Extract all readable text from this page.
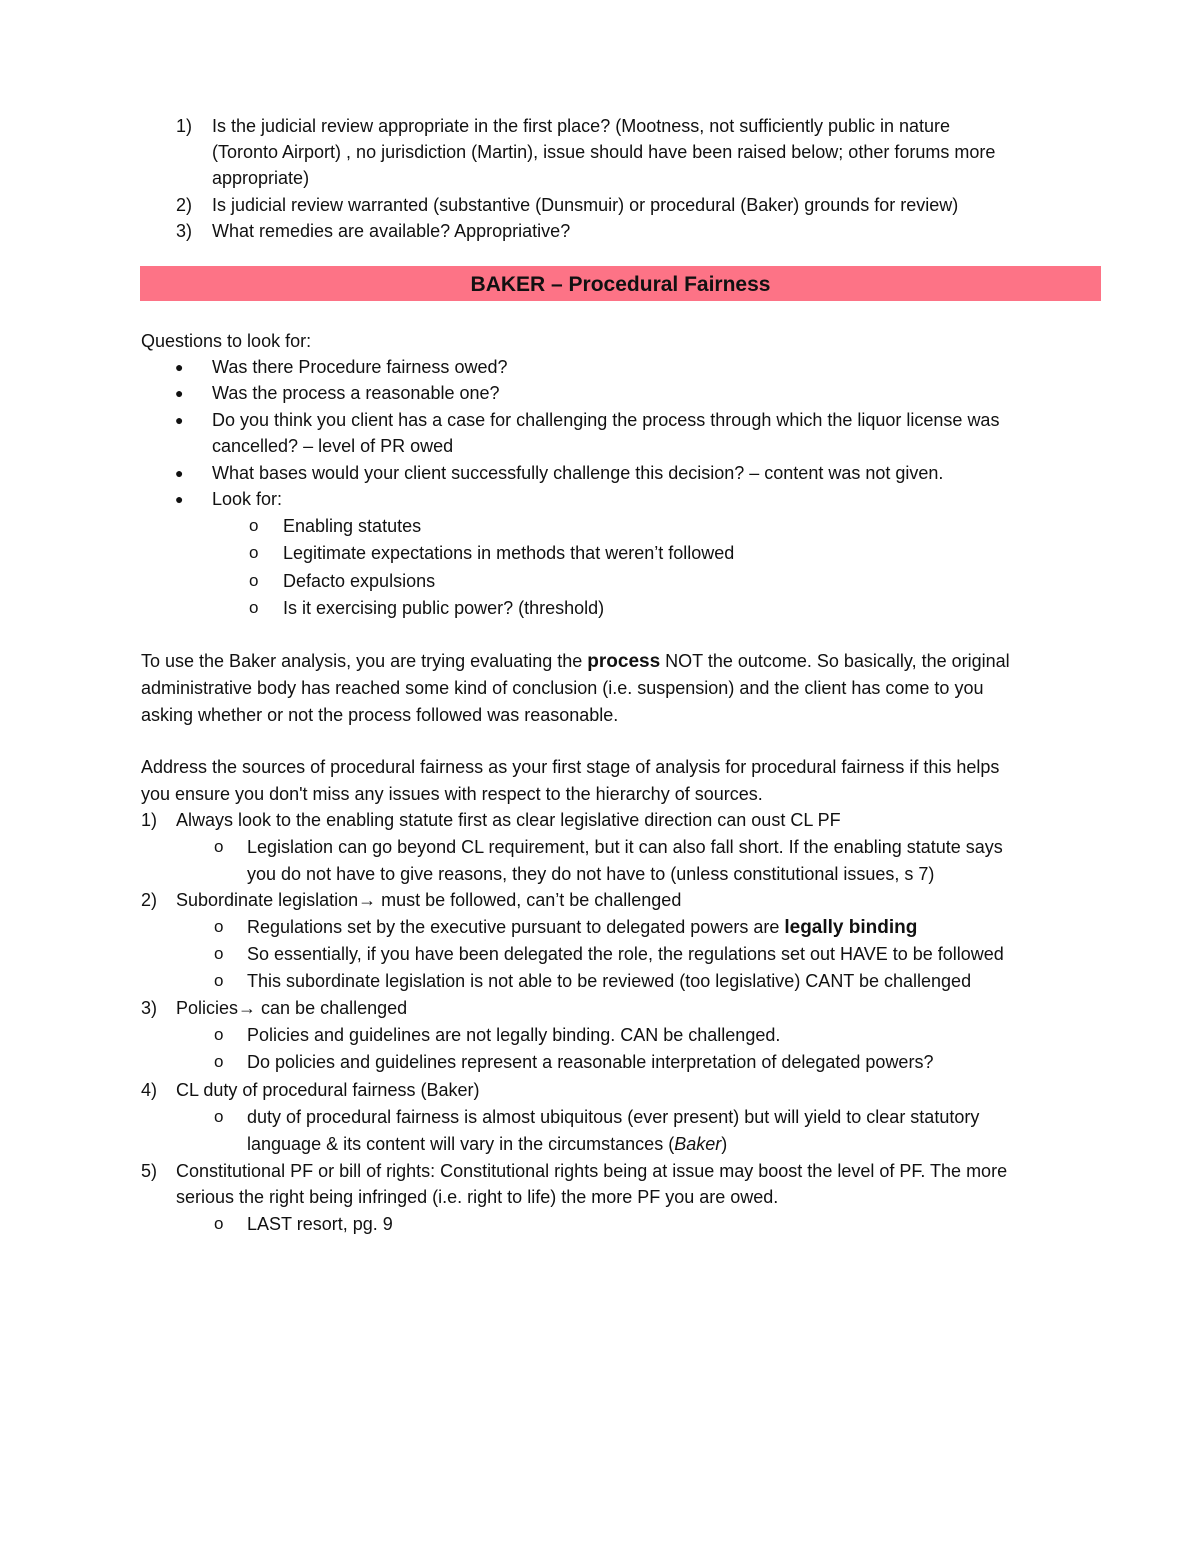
1)	Is the judicial review appropriate in the first place? (Mootness, not sufficiently public in nature
(Toronto Airport) , no jurisdiction (Martin), issue should have been raised below; other forums more
appropriate)
2)	Is judicial review warranted (substantive (Dunsmuir) or procedural (Baker) grounds for review)
3)	What remedies are available? Appropriative?
BAKER – Procedural Fairness
Questions to look for:
● Was there Procedure fairness owed?
● Was the process a reasonable one?
● Do you think you client has a case for challenging the process through which the liquor license was
cancelled? – level of PR owed
● What bases would your client successfully challenge this decision? – content was not given.
● Look for:
o Enabling statutes
o Legitimate expectations in methods that weren’t followed
o Defacto expulsions
o Is it exercising public power? (threshold)
To use the Baker analysis, you are trying evaluating the process NOT the outcome. So basically, the original
administrative body has reached some kind of conclusion (i.e. suspension) and the client has come to you
asking whether or not the process followed was reasonable.
Address the sources of procedural fairness as your first stage of analysis for procedural fairness if this helps
you ensure you don't miss any issues with respect to the hierarchy of sources.
1)	Always look to the enabling statute first as clear legislative direction can oust CL PF
o Legislation can go beyond CL requirement, but it can also fall short. If the enabling statute says
you do not have to give reasons, they do not have to (unless constitutional issues, s 7)
2)	Subordinate legislation→ must be followed, can’t be challenged
o Regulations set by the executive pursuant to delegated powers are legally binding
o So essentially, if you have been delegated the role, the regulations set out HAVE to be followed
o This subordinate legislation is not able to be reviewed (too legislative) CANT be challenged
3)	Policies→ can be challenged
o Policies and guidelines are not legally binding. CAN be challenged.
o Do policies and guidelines represent a reasonable interpretation of delegated powers?
4)	CL duty of procedural fairness (Baker)
o duty of procedural fairness is almost ubiquitous (ever present) but will yield to clear statutory
language & its content will vary in the circumstances (Baker)
5)	Constitutional PF or bill of rights: Constitutional rights being at issue may boost the level of PF. The more
serious the right being infringed (i.e. right to life) the more PF you are owed.
o LAST resort, pg. 9
